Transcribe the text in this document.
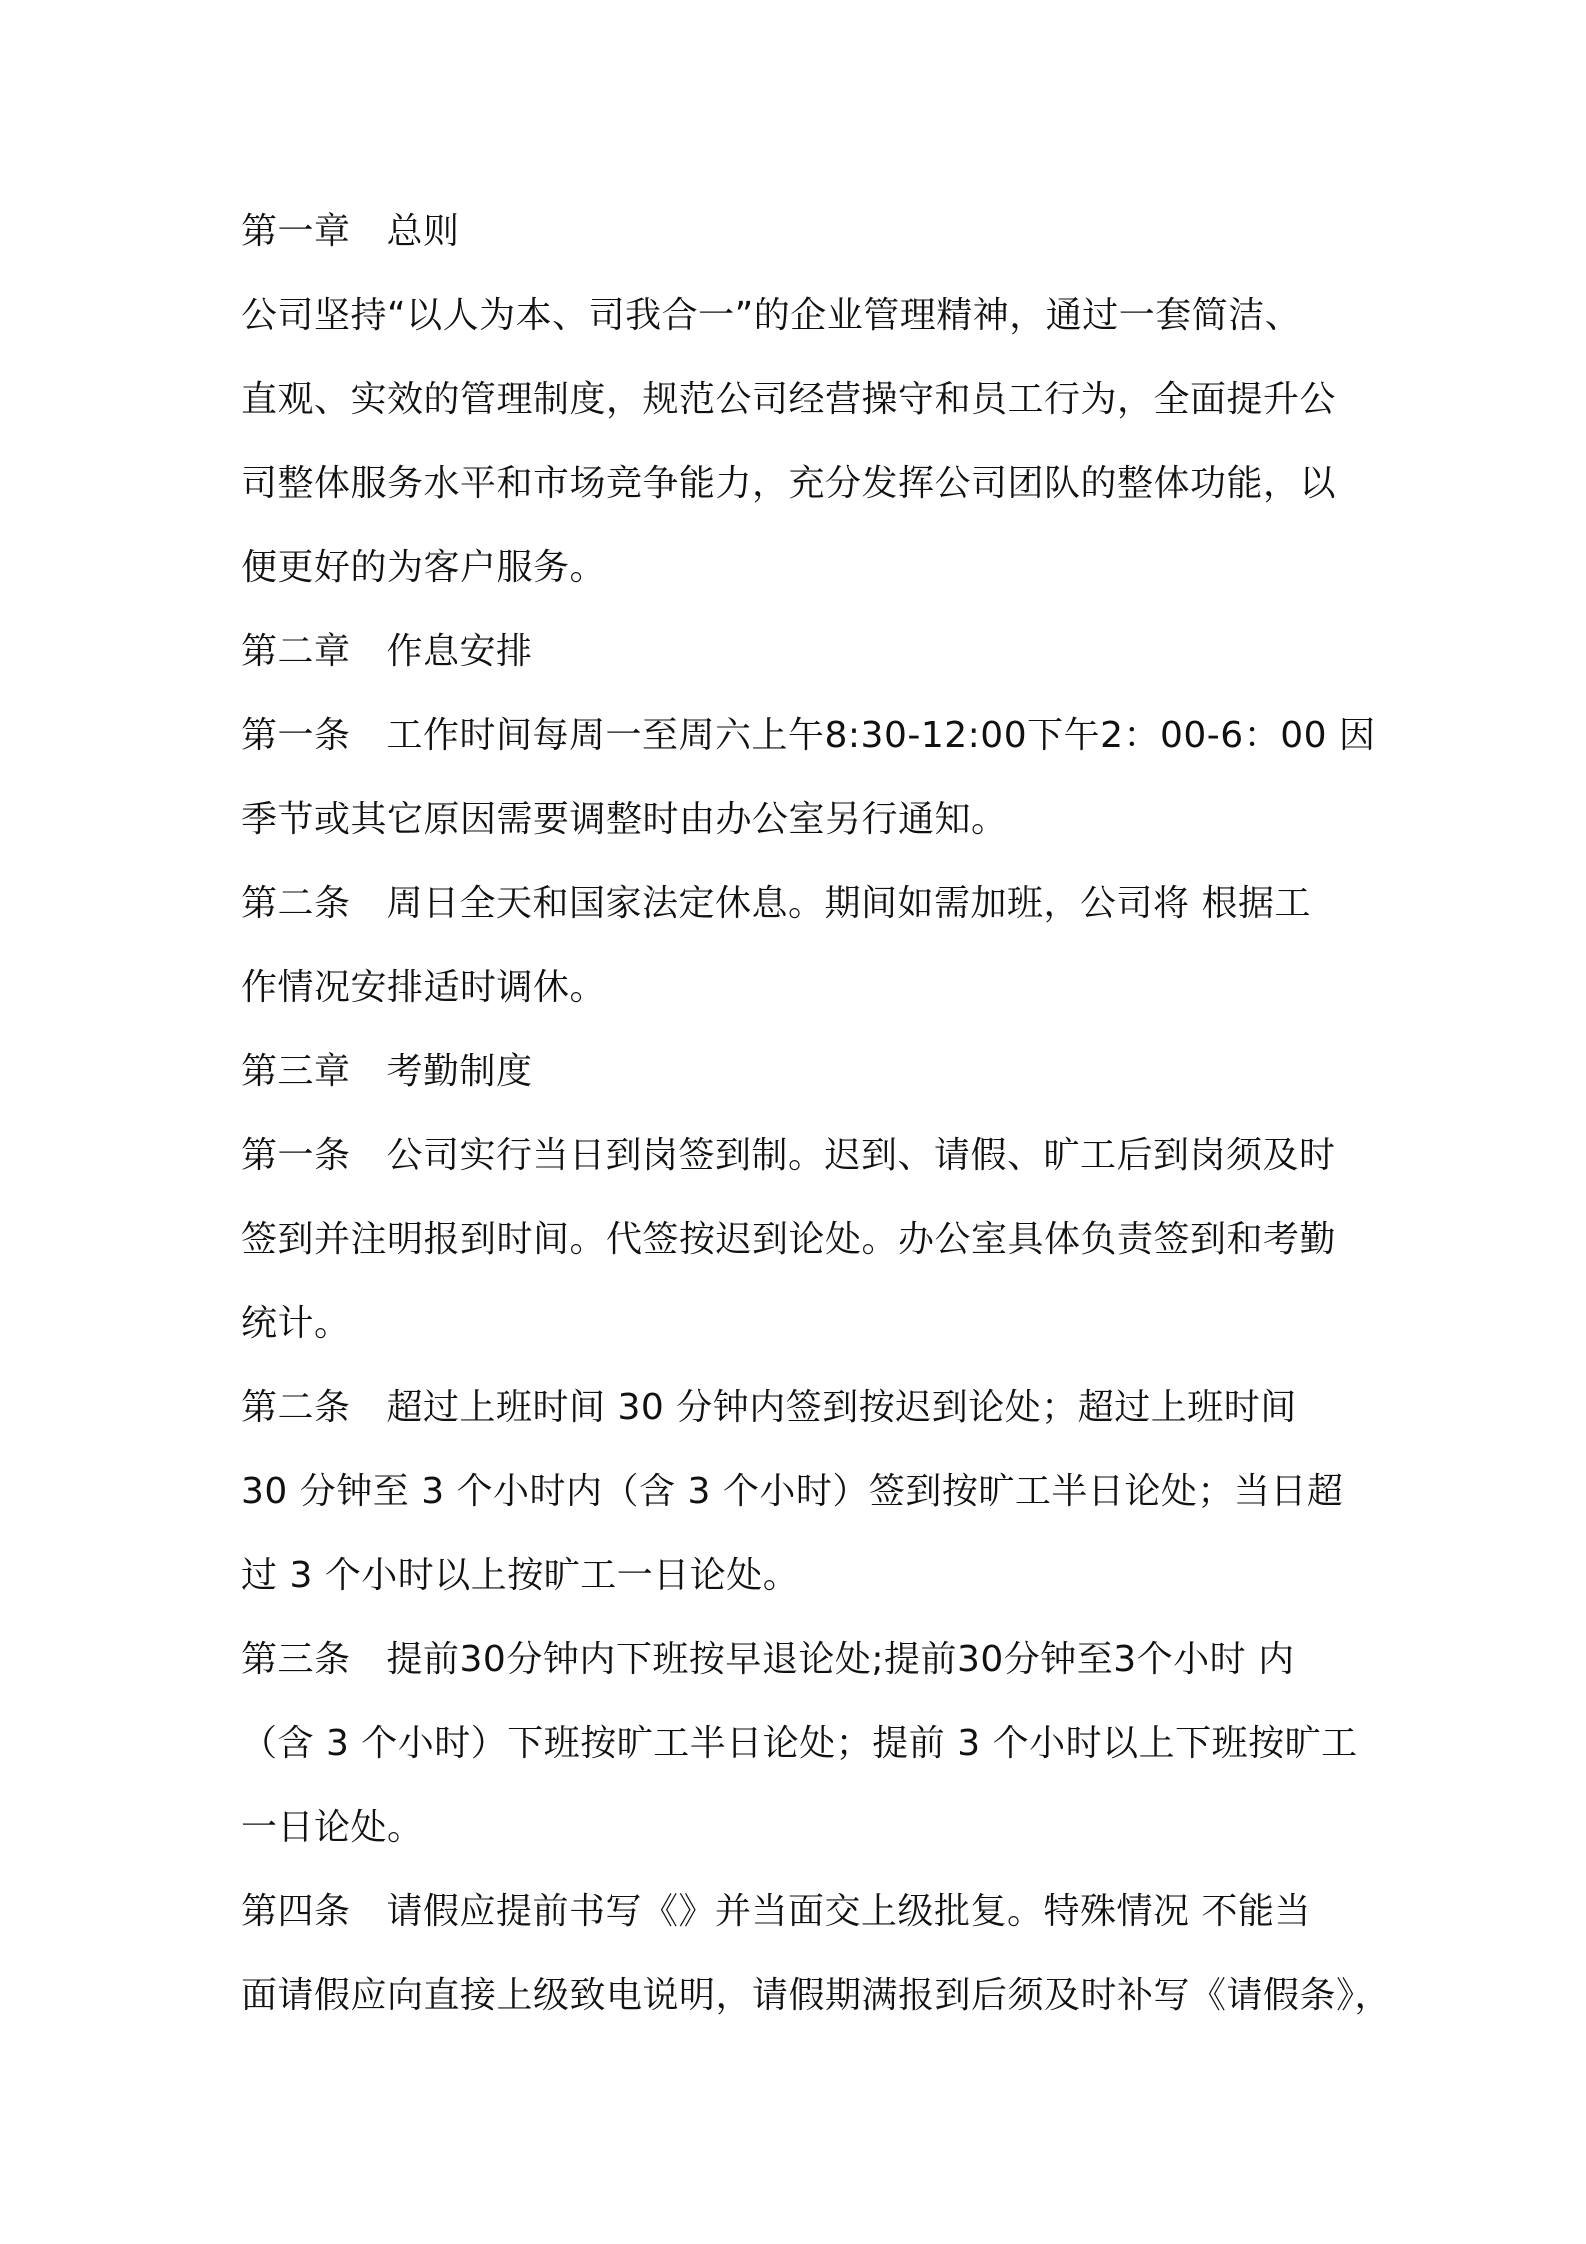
第一章 总则
公司坚持“以人为本、司我合一”的企业管理精神，通过一套简洁、
直观、实效的管理制度，规范公司经营操守和员工行为，全面提升公
司整体服务水平和市场竞争能力，充分发挥公司团队的整体功能，以
便更好的为客户服务。
第二章 作息安排
第一条 工作时间每周一至周六上午8:30-12:00下午2：00-6：00 因
季节或其它原因需要调整时由办公室另行通知。
第二条 周日全天和国家法定休息。期间如需加班，公司将 根据工
作情况安排适时调休。
第三章 考勤制度
第一条 公司实行当日到岗签到制。迟到、请假、旷工后到岗须及时
签到并注明报到时间。代签按迟到论处。办公室具体负责签到和考勤
统计。
第二条 超过上班时间 30 分钟内签到按迟到论处；超过上班时间
30 分钟至 3 个小时内（含 3 个小时）签到按旷工半日论处；当日超
过 3 个小时以上按旷工一日论处。
第三条 提前30分钟内下班按早退论处;提前30分钟至3个小时 内
（含 3 个小时）下班按旷工半日论处；提前 3 个小时以上下班按旷工
一日论处。
第四条 请假应提前书写《》并当面交上级批复。特殊情况 不能当
面请假应向直接上级致电说明，请假期满报到后须及时补写《请假条》，
